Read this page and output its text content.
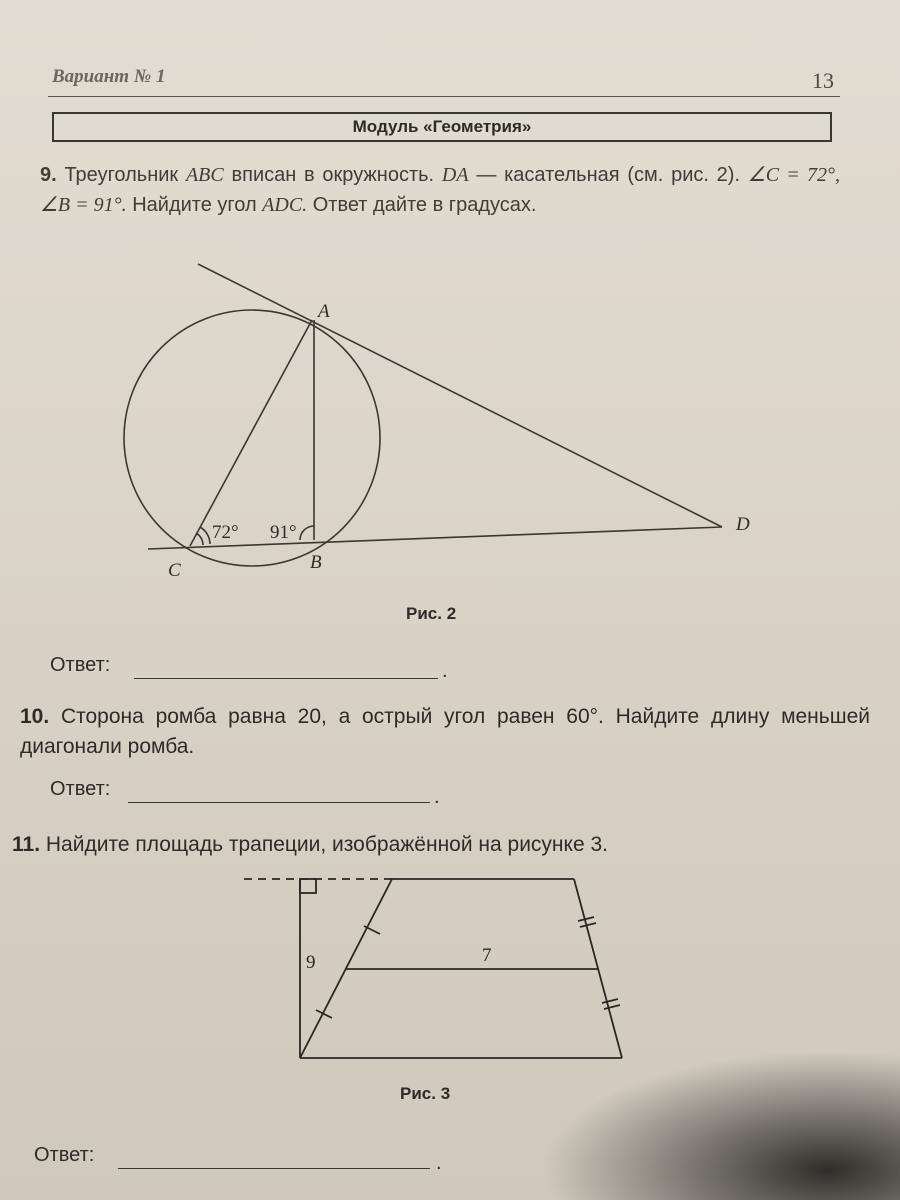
Вариант № 1	13
Модуль «Геометрия»
9. Треугольник ABC вписан в окружность. DA — касательная (см. рис. 2). ∠C = 72°, ∠B = 91°. Найдите угол ADC. Ответ дайте в градусах.
A
B
C
D
72° 91°
Рис. 2
Ответ:	.
10. Сторона ромба равна 20, а острый угол равен 60°. Найдите длину меньшей диагонали ромба.
Ответ:	.
11. Найдите площадь трапеции, изображённой на рисунке 3.
9	7
Рис. 3
Ответ:	.
